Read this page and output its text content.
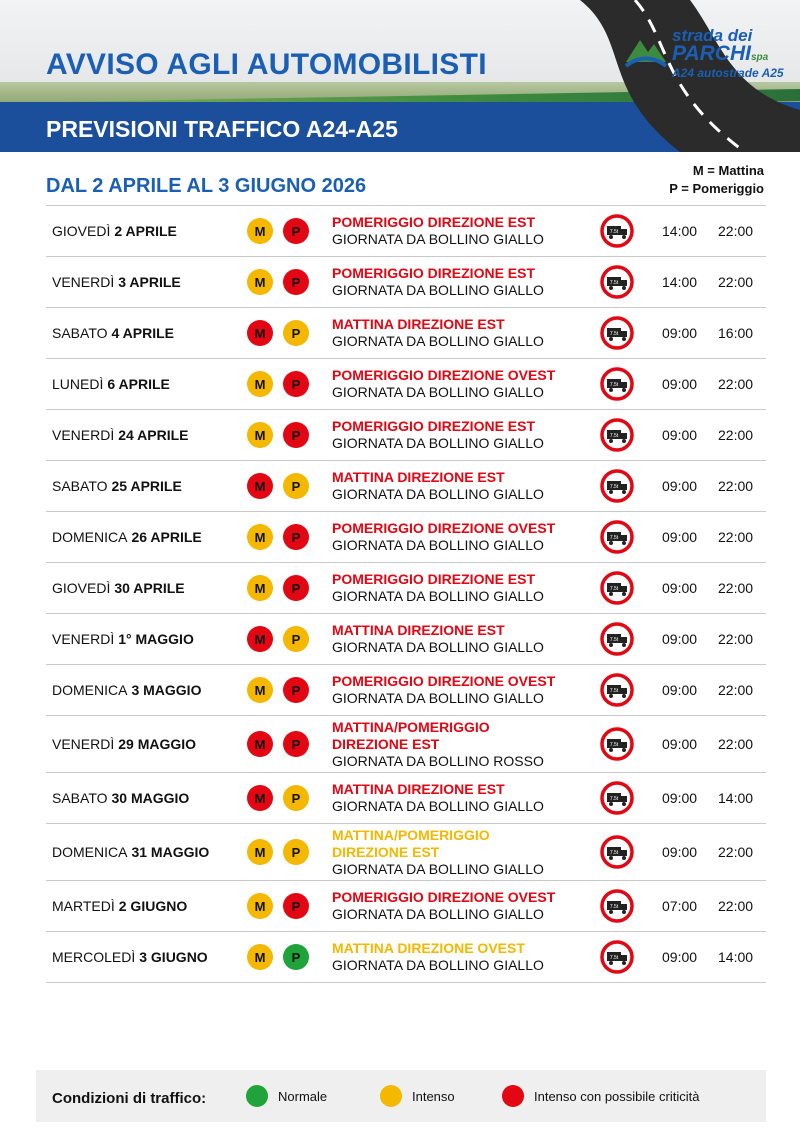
strada dei
PARCHIspa
A24 autostrade A25
AVVISO AGLI AUTOMOBILISTI
PREVISIONI TRAFFICO A24-A25
DAL 2 APRILE AL 3 GIUGNO 2026
M = Mattina
P = Pomeriggio
GIOVEDÌ 2 APRILE	M	P
POMERIGGIO DIREZIONE EST
GIORNATA DA BOLLINO GIALLO	7.5t	14:00 22:00
VENERDÌ 3 APRILE	M	P
POMERIGGIO DIREZIONE EST
GIORNATA DA BOLLINO GIALLO	7.5t	14:00 22:00
SABATO 4 APRILE	M	P
MATTINA DIREZIONE EST
GIORNATA DA BOLLINO GIALLO	7.5t	09:00 16:00
LUNEDÌ 6 APRILE	M	P
POMERIGGIO DIREZIONE OVEST
GIORNATA DA BOLLINO GIALLO	7.5t	09:00 22:00
VENERDÌ 24 APRILE	M	P
POMERIGGIO DIREZIONE EST
GIORNATA DA BOLLINO GIALLO	7.5t	09:00 22:00
SABATO 25 APRILE	M	P
MATTINA DIREZIONE EST
GIORNATA DA BOLLINO GIALLO	7.5t	09:00 22:00
DOMENICA 26 APRILE	M	P
POMERIGGIO DIREZIONE OVEST
GIORNATA DA BOLLINO GIALLO	7.5t	09:00 22:00
GIOVEDÌ 30 APRILE	M	P
POMERIGGIO DIREZIONE EST
GIORNATA DA BOLLINO GIALLO	7.5t	09:00 22:00
VENERDÌ 1° MAGGIO	M	P
MATTINA DIREZIONE EST
GIORNATA DA BOLLINO GIALLO	7.5t	09:00 22:00
DOMENICA 3 MAGGIO	M	P
POMERIGGIO DIREZIONE OVEST
GIORNATA DA BOLLINO GIALLO	7.5t	09:00 22:00
VENERDÌ 29 MAGGIO	M	P
MATTINA/POMERIGGIO DIREZIONE EST
GIORNATA DA BOLLINO ROSSO
7.5t	09:00 22:00
SABATO 30 MAGGIO	M	P
MATTINA DIREZIONE EST
GIORNATA DA BOLLINO GIALLO	7.5t	09:00 14:00
DOMENICA 31 MAGGIO	M	P
MATTINA/POMERIGGIO DIREZIONE EST
GIORNATA DA BOLLINO GIALLO
7.5t	09:00 22:00
MARTEDÌ 2 GIUGNO	M	P
POMERIGGIO DIREZIONE OVEST
GIORNATA DA BOLLINO GIALLO	7.5t	07:00 22:00
MERCOLEDÌ 3 GIUGNO	M	P
MATTINA DIREZIONE OVEST
GIORNATA DA BOLLINO GIALLO	7.5t	09:00 14:00
Condizioni di traffico:	Normale	Intenso	Intenso con possibile criticità
